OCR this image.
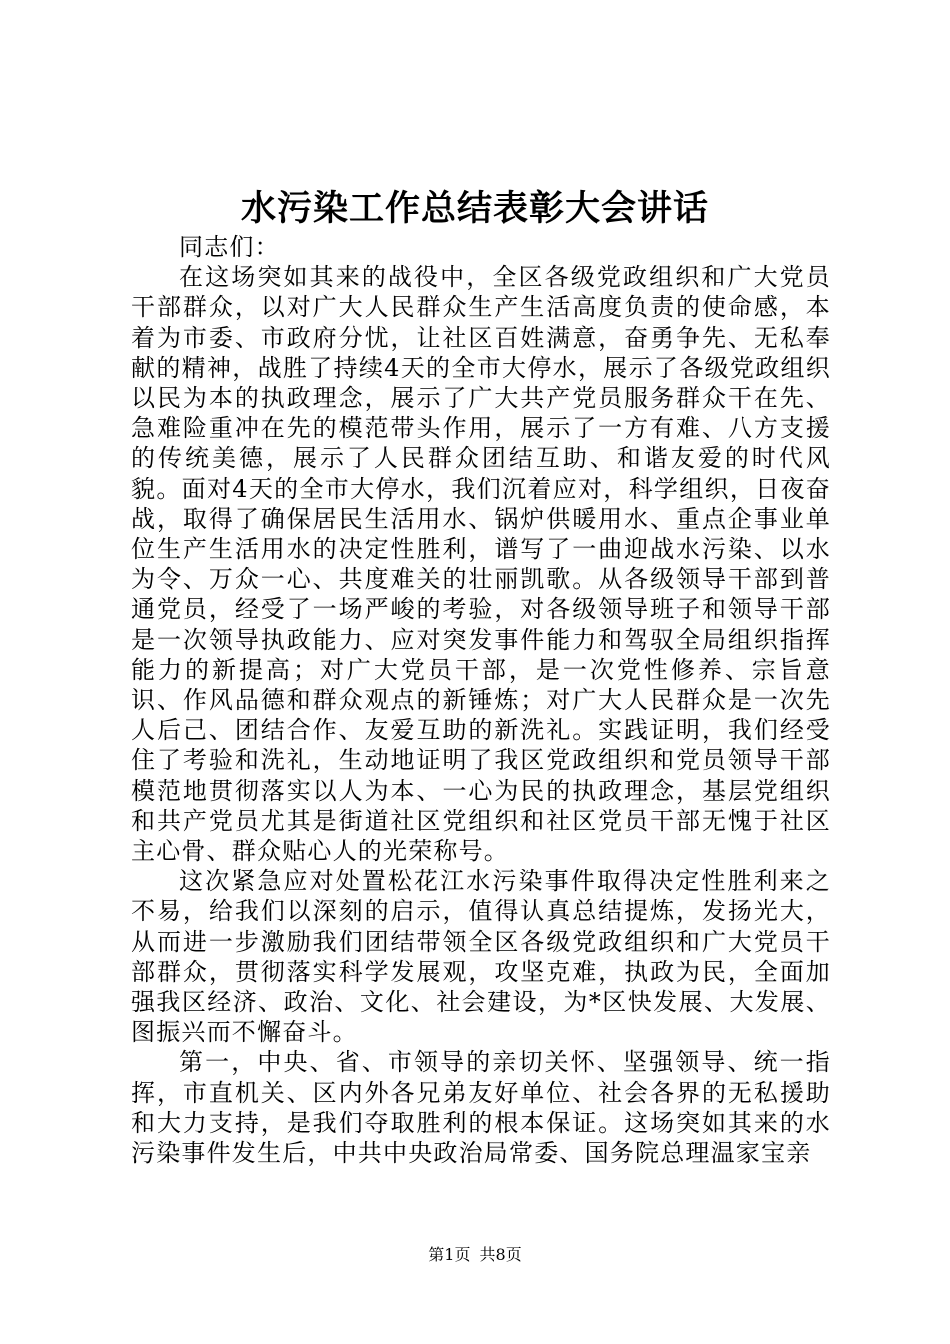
水污染工作总结表彰大会讲话

同志们：

在这场突如其来的战役中，全区各级党政组织和广大党员干部群众，以对广大人民群众生产生活高度负责的使命感，本着为市委、市政府分忧，让社区百姓满意，奋勇争先、无私奉献的精神，战胜了持续4天的全市大停水，展示了各级党政组织以民为本的执政理念，展示了广大共产党员服务群众干在先、急难险重冲在先的模范带头作用，展示了一方有难、八方支援的传统美德，展示了人民群众团结互助、和谐友爱的时代风貌。面对4天的全市大停水，我们沉着应对，科学组织，日夜奋战，取得了确保居民生活用水、锅炉供暖用水、重点企事业单位生产生活用水的决定性胜利，谱写了一曲迎战水污染、以水为令、万众一心、共度难关的壮丽凯歌。从各级领导干部到普通党员，经受了一场严峻的考验，对各级领导班子和领导干部是一次领导执政能力、应对突发事件能力和驾驭全局组织指挥能力的新提高；对广大党员干部，是一次党性修养、宗旨意识、作风品德和群众观点的新锤炼；对广大人民群众是一次先人后己、团结合作、友爱互助的新洗礼。实践证明，我们经受住了考验和洗礼，生动地证明了我区党政组织和党员领导干部模范地贯彻落实以人为本、一心为民的执政理念，基层党组织和共产党员尤其是街道社区党组织和社区党员干部无愧于社区主心骨、群众贴心人的光荣称号。

这次紧急应对处置松花江水污染事件取得决定性胜利来之不易，给我们以深刻的启示，值得认真总结提炼，发扬光大，从而进一步激励我们团结带领全区各级党政组织和广大党员干部群众，贯彻落实科学发展观，攻坚克难，执政为民，全面加强我区经济、政治、文化、社会建设，为*区快发展、大发展、图振兴而不懈奋斗。

第一，中央、省、市领导的亲切关怀、坚强领导、统一指挥，市直机关、区内外各兄弟友好单位、社会各界的无私援助和大力支持，是我们夺取胜利的根本保证。这场突如其来的水污染事件发生后，中共中央政治局常委、国务院总理温家宝亲

第1页 共8页
